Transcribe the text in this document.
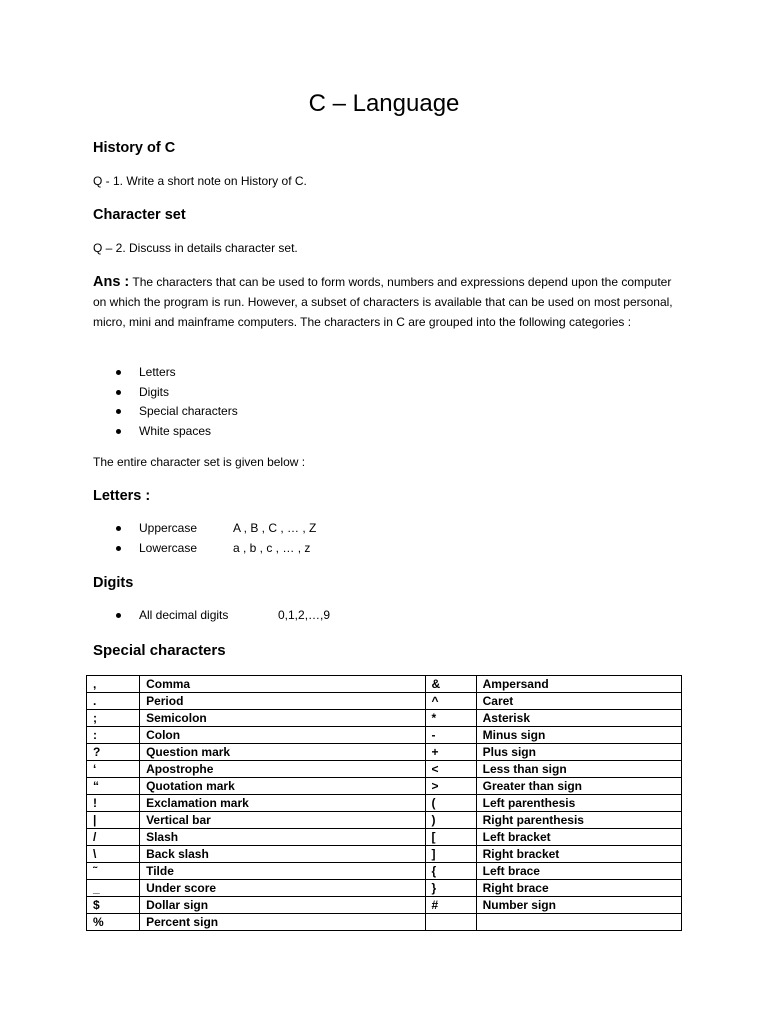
C – Language
History of C
Q - 1. Write a short note on History of C.
Character set
Q – 2. Discuss in details character set.
Ans : The characters that can be used to form words, numbers and expressions depend upon the computer on which the program is run. However, a subset of characters is available that can be used on most personal, micro, mini and mainframe computers. The characters in C are grouped into the following categories :
Letters
Digits
Special characters
White spaces
The entire character set is given below :
Letters :
Uppercase	A , B , C , … , Z
Lowercase	a , b , c , … , z
Digits
All decimal digits	0,1,2,…,9
Special characters
,	Comma	&	Ampersand
.	Period	^	Caret
;	Semicolon	*	Asterisk
:	Colon	-	Minus sign
?	Question mark	+	Plus sign
‘	Apostrophe	<	Less than sign
“	Quotation mark	>	Greater than sign
!	Exclamation mark	(	Left parenthesis
|	Vertical bar	)	Right parenthesis
/	Slash	[	Left bracket
\	Back slash	]	Right bracket
˜	Tilde	{	Left brace
_	Under score	}	Right brace
$	Dollar sign	#	Number sign
%	Percent sign		
